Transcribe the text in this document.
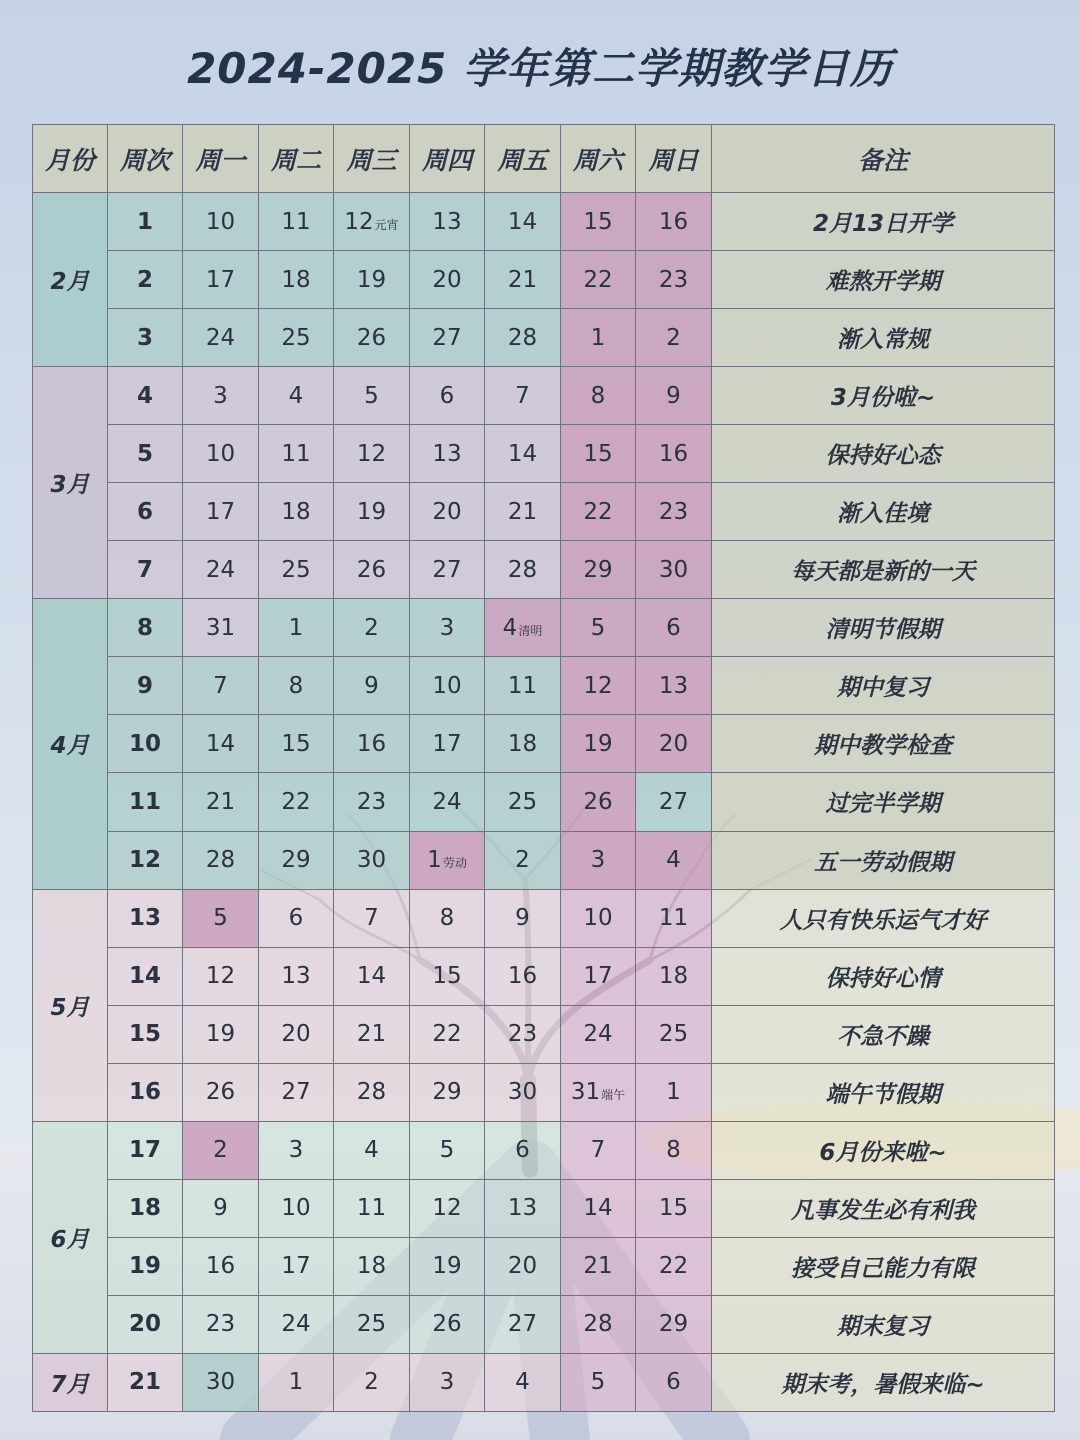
2024-2025 学年第二学期教学日历
月份	周次	周一	周二	周三	周四	周五	周六	周日	备注
2月	1	10	11	12元宵	13	14	15	16	2月13日开学
	2	17	18	19	20	21	22	23	难熬开学期
	3	24	25	26	27	28	1	2	渐入常规
3月	4	3	4	5	6	7	8	9	3月份啦~
	5	10	11	12	13	14	15	16	保持好心态
	6	17	18	19	20	21	22	23	渐入佳境
	7	24	25	26	27	28	29	30	每天都是新的一天
4月	8	31	1	2	3	4清明	5	6	清明节假期
	9	7	8	9	10	11	12	13	期中复习
	10	14	15	16	17	18	19	20	期中教学检查
	11	21	22	23	24	25	26	27	过完半学期
	12	28	29	30	1劳动	2	3	4	五一劳动假期
5月	13	5	6	7	8	9	10	11	人只有快乐运气才好
	14	12	13	14	15	16	17	18	保持好心情
	15	19	20	21	22	23	24	25	不急不躁
	16	26	27	28	29	30	31端午	1	端午节假期
6月	17	2	3	4	5	6	7	8	6月份来啦~
	18	9	10	11	12	13	14	15	凡事发生必有利我
	19	16	17	18	19	20	21	22	接受自己能力有限
	20	23	24	25	26	27	28	29	期末复习
7月	21	30	1	2	3	4	5	6	期末考，暑假来临~
